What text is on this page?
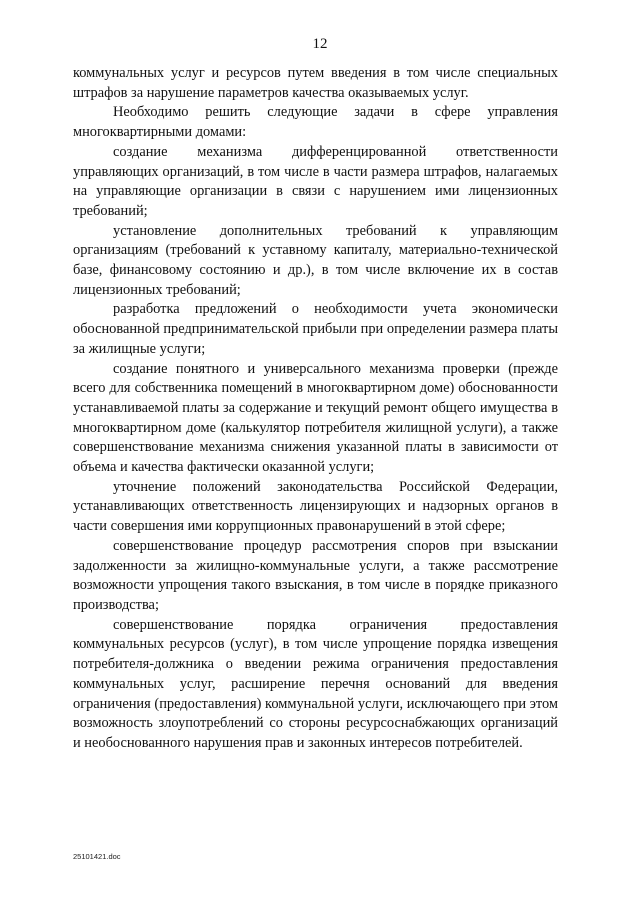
12

коммунальных услуг и ресурсов путем введения в том числе специальных штрафов за нарушение параметров качества оказываемых услуг.

Необходимо решить следующие задачи в сфере управления многоквартирными домами:

создание механизма дифференцированной ответственности управляющих организаций, в том числе в части размера штрафов, налагаемых на управляющие организации в связи с нарушением ими лицензионных требований;

установление дополнительных требований к управляющим организациям (требований к уставному капиталу, материально-технической базе, финансовому состоянию и др.), в том числе включение их в состав лицензионных требований;

разработка предложений о необходимости учета экономически обоснованной предпринимательской прибыли при определении размера платы за жилищные услуги;

создание понятного и универсального механизма проверки (прежде всего для собственника помещений в многоквартирном доме) обоснованности устанавливаемой платы за содержание и текущий ремонт общего имущества в многоквартирном доме (калькулятор потребителя жилищной услуги), а также совершенствование механизма снижения указанной платы в зависимости от объема и качества фактически оказанной услуги;

уточнение положений законодательства Российской Федерации, устанавливающих ответственность лицензирующих и надзорных органов в части совершения ими коррупционных правонарушений в этой сфере;

совершенствование процедур рассмотрения споров при взыскании задолженности за жилищно-коммунальные услуги, а также рассмотрение возможности упрощения такого взыскания, в том числе в порядке приказного производства;

совершенствование порядка ограничения предоставления коммунальных ресурсов (услуг), в том числе упрощение порядка извещения потребителя-должника о введении режима ограничения предоставления коммунальных услуг, расширение перечня оснований для введения ограничения (предоставления) коммунальной услуги, исключающего при этом возможность злоупотреблений со стороны ресурсоснабжающих организаций и необоснованного нарушения прав и законных интересов потребителей.

25101421.doc
